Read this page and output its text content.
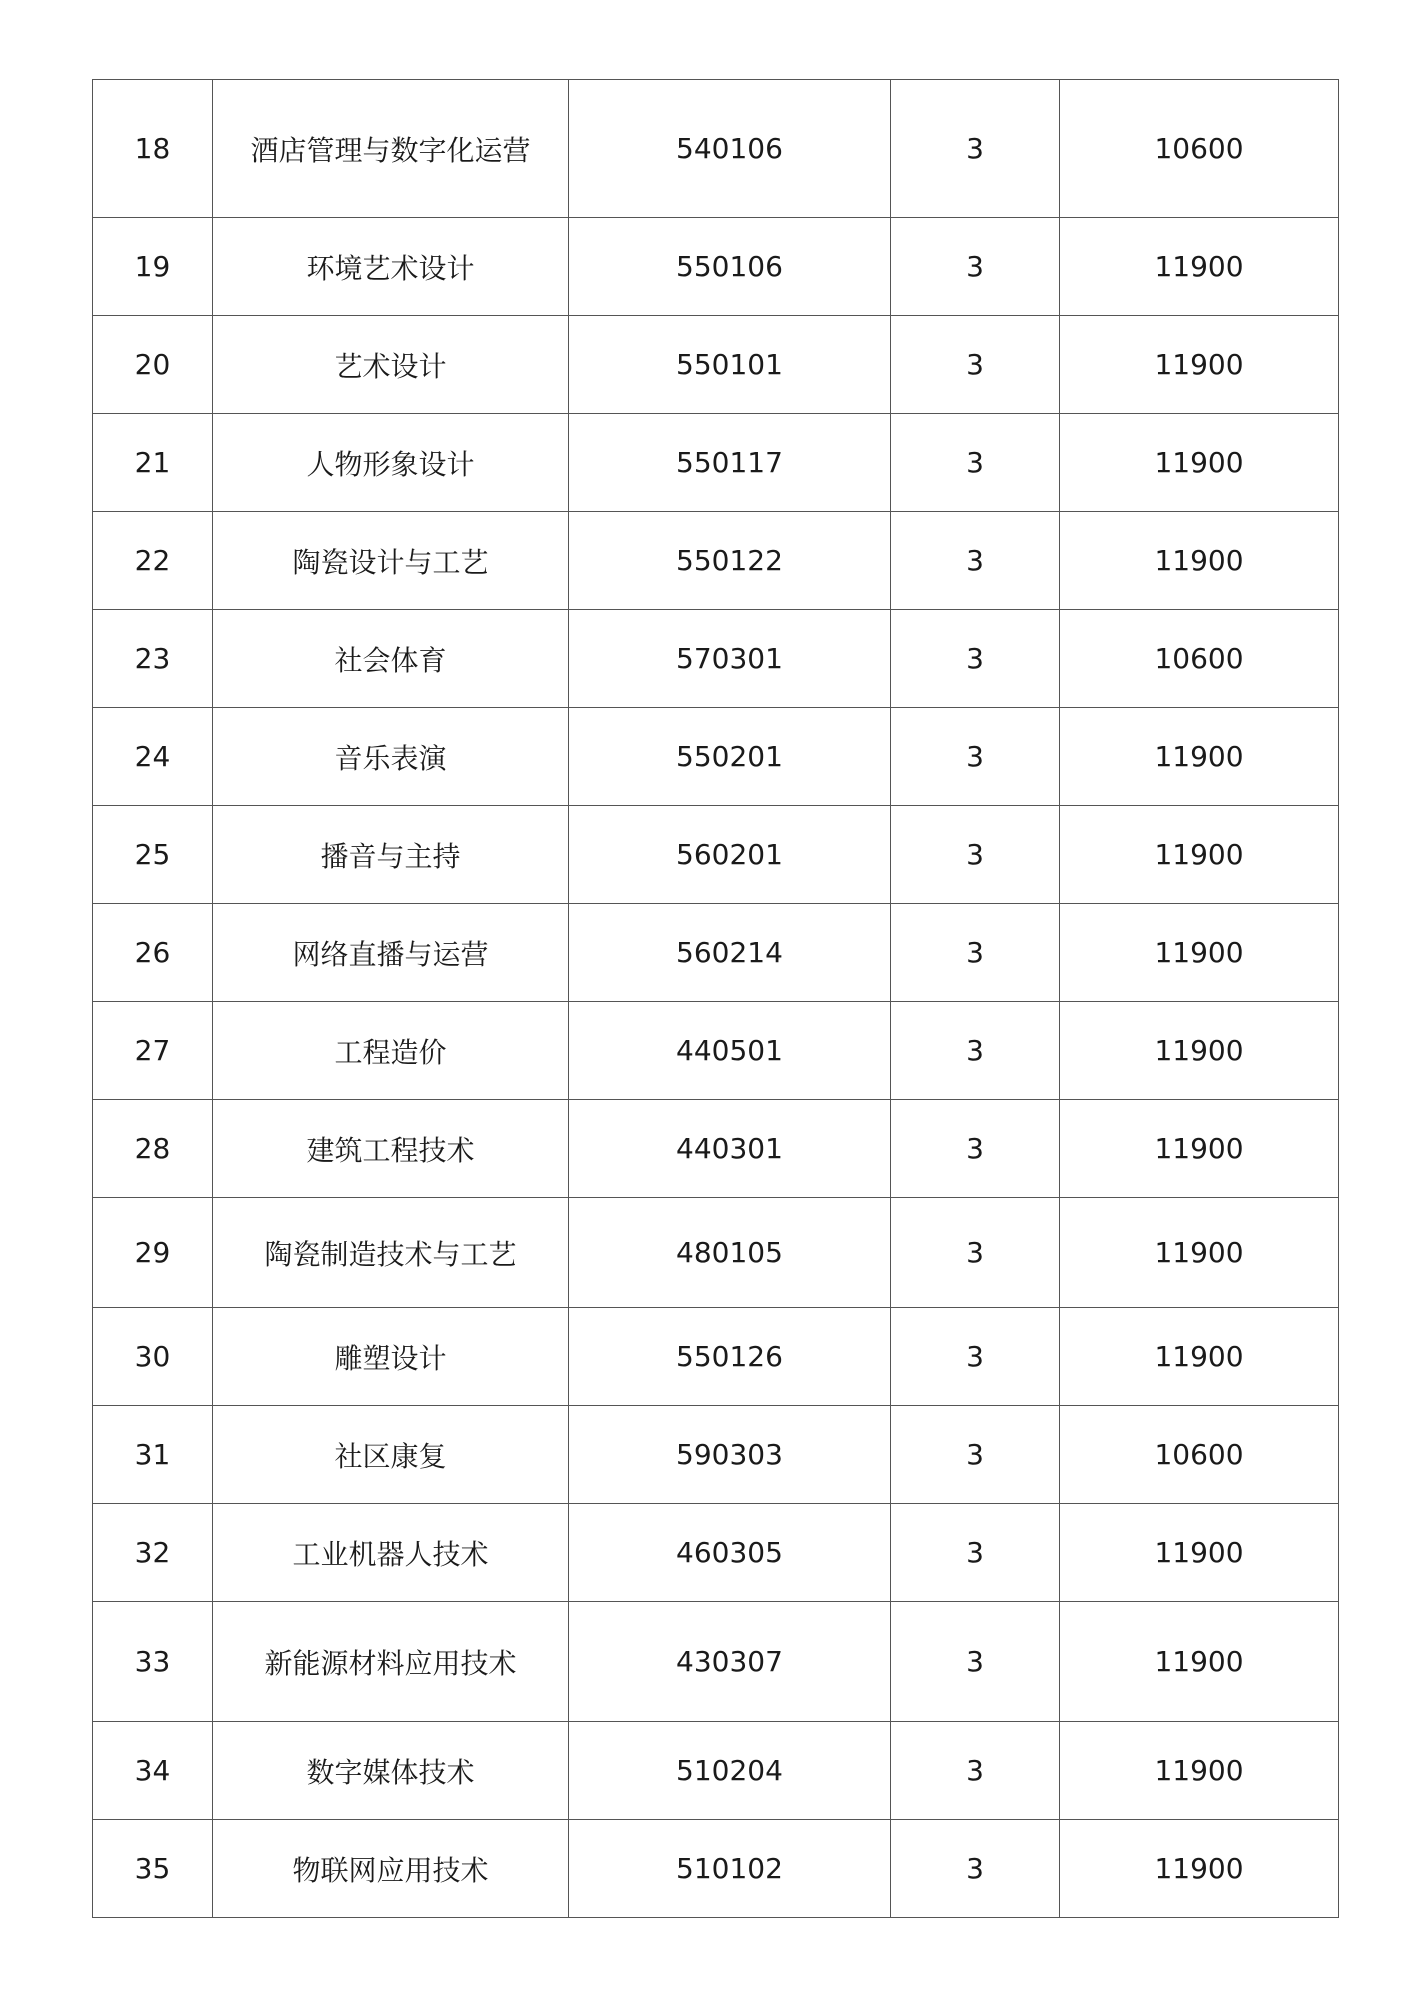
18	酒店管理与数字化运营	540106	3	10600
19	环境艺术设计	550106	3	11900
20	艺术设计	550101	3	11900
21	人物形象设计	550117	3	11900
22	陶瓷设计与工艺	550122	3	11900
23	社会体育	570301	3	10600
24	音乐表演	550201	3	11900
25	播音与主持	560201	3	11900
26	网络直播与运营	560214	3	11900
27	工程造价	440501	3	11900
28	建筑工程技术	440301	3	11900
29	陶瓷制造技术与工艺	480105	3	11900
30	雕塑设计	550126	3	11900
31	社区康复	590303	3	10600
32	工业机器人技术	460305	3	11900
33	新能源材料应用技术	430307	3	11900
34	数字媒体技术	510204	3	11900
35	物联网应用技术	510102	3	11900
